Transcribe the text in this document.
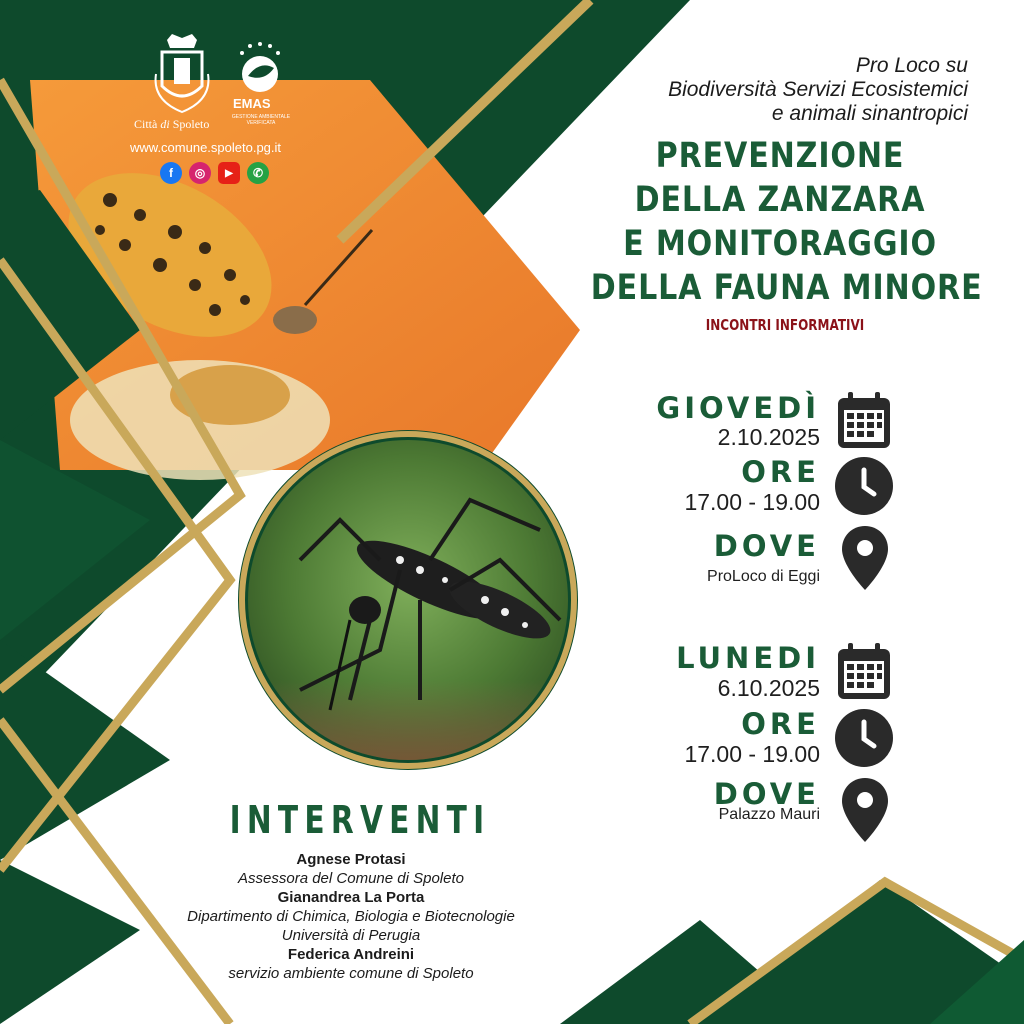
Città di Spoleto
EMAS
GESTIONE AMBIENTALE VERIFICATA
www.comune.spoleto.pg.it
f	◎	▶	✆
Pro Loco su
Biodiversità Servizi Ecosistemici
e animali sinantropici
PREVENZIONE
DELLA ZANZARA
E MONITORAGGIO
DELLA FAUNA MINORE
INCONTRI INFORMATIVI
GIOVEDÌ
2.10.2025
ORE
17.00 - 19.00
DOVE
ProLoco di Eggi
LUNEDI
6.10.2025
ORE
17.00 - 19.00
DOVE
Palazzo Mauri
INTERVENTI
Agnese Protasi
Assessora del Comune di Spoleto
Gianandrea La Porta
Dipartimento di Chimica, Biologia e Biotecnologie
Università di Perugia
Federica Andreini
servizio ambiente comune di Spoleto
